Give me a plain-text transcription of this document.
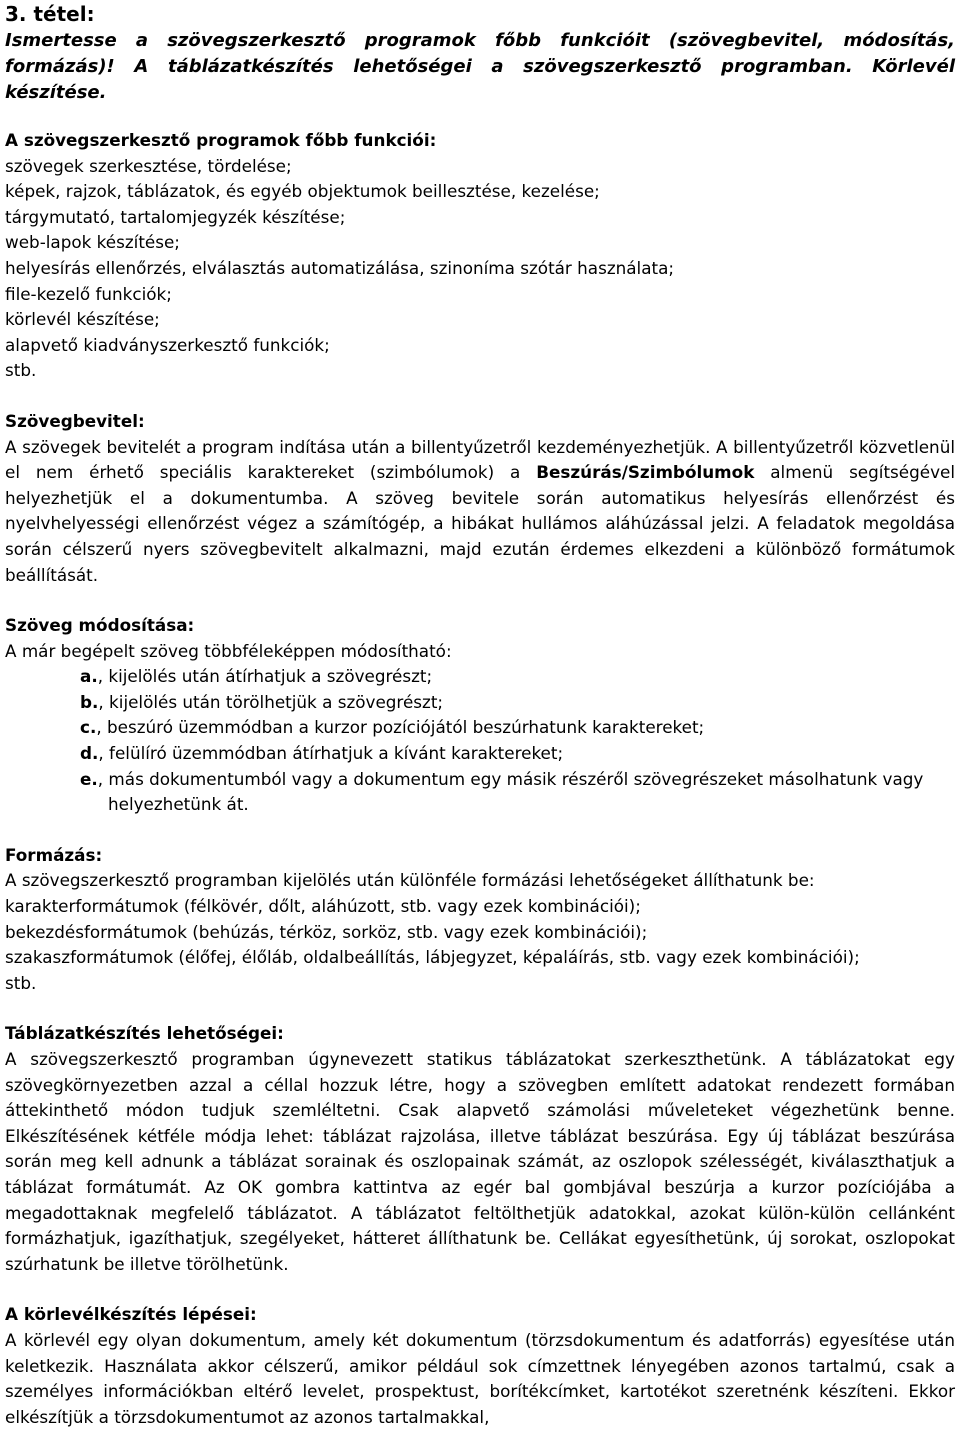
3. tétel:
Ismertesse a szövegszerkesztő programok főbb funkcióit (szövegbevitel, módosítás, formázás)! A táblázatkészítés lehetőségei a szövegszerkesztő programban. Körlevél készítése.
A szövegszerkesztő programok főbb funkciói:
szövegek szerkesztése, tördelése;
képek, rajzok, táblázatok, és egyéb objektumok beillesztése, kezelése;
tárgymutató, tartalomjegyzék készítése;
web-lapok készítése;
helyesírás ellenőrzés, elválasztás automatizálása, szinoníma szótár használata;
file-kezelő funkciók;
körlevél készítése;
alapvető kiadványszerkesztő funkciók;
stb.
Szövegbevitel:
A szövegek bevitelét a program indítása után a billentyűzetről kezdeményezhetjük. A billentyűzetről közvetlenül el nem érhető speciális karaktereket (szimbólumok) a Beszúrás/Szimbólumok almenü segítségével helyezhetjük el a dokumentumba. A szöveg bevitele során automatikus helyesírás ellenőrzést és nyelvhelyességi ellenőrzést végez a számítógép, a hibákat hullámos aláhúzással jelzi. A feladatok megoldása során célszerű nyers szövegbevitelt alkalmazni, majd ezután érdemes elkezdeni a különböző formátumok beállítását.
Szöveg módosítása:
A már begépelt szöveg többféleképpen módosítható:
a., kijelölés után átírhatjuk a szövegrészt;
b., kijelölés után törölhetjük a szövegrészt;
c., beszúró üzemmódban a kurzor pozíciójától beszúrhatunk karaktereket;
d., felülíró üzemmódban átírhatjuk a kívánt karaktereket;
e., más dokumentumból vagy a dokumentum egy másik részéről szövegrészeket másolhatunk vagy helyezhetünk át.
Formázás:
A szövegszerkesztő programban kijelölés után különféle formázási lehetőségeket állíthatunk be:
karakterformátumok (félkövér, dőlt, aláhúzott, stb. vagy ezek kombinációi);
bekezdésformátumok (behúzás, térköz, sorköz, stb. vagy ezek kombinációi);
szakaszformátumok (élőfej, élőláb, oldalbeállítás, lábjegyzet, képaláírás, stb. vagy ezek kombinációi);
stb.
Táblázatkészítés lehetőségei:
A szövegszerkesztő programban úgynevezett statikus táblázatokat szerkeszthetünk. A táblázatokat egy szövegkörnyezetben azzal a céllal hozzuk létre, hogy a szövegben említett adatokat rendezett formában áttekinthető módon tudjuk szemléltetni. Csak alapvető számolási műveleteket végezhetünk benne. Elkészítésének kétféle módja lehet: táblázat rajzolása, illetve táblázat beszúrása. Egy új táblázat beszúrása során meg kell adnunk a táblázat sorainak és oszlopainak számát, az oszlopok szélességét, kiválaszthatjuk a táblázat formátumát. Az OK gombra kattintva az egér bal gombjával beszúrja a kurzor pozíciójába a megadottaknak megfelelő táblázatot. A táblázatot feltölthetjük adatokkal, azokat külön-külön cellánként formázhatjuk, igazíthatjuk, szegélyeket, hátteret állíthatunk be. Cellákat egyesíthetünk, új sorokat, oszlopokat szúrhatunk be illetve törölhetünk.
A körlevélkészítés lépései:
A körlevél egy olyan dokumentum, amely két dokumentum (törzsdokumentum és adatforrás) egyesítése után keletkezik. Használata akkor célszerű, amikor például sok címzettnek lényegében azonos tartalmú, csak a személyes információkban eltérő levelet, prospektust, borítékcímket, kartotékot szeretnénk készíteni. Ekkor elkészítjük a törzsdokumentumot az azonos tartalmakkal,
